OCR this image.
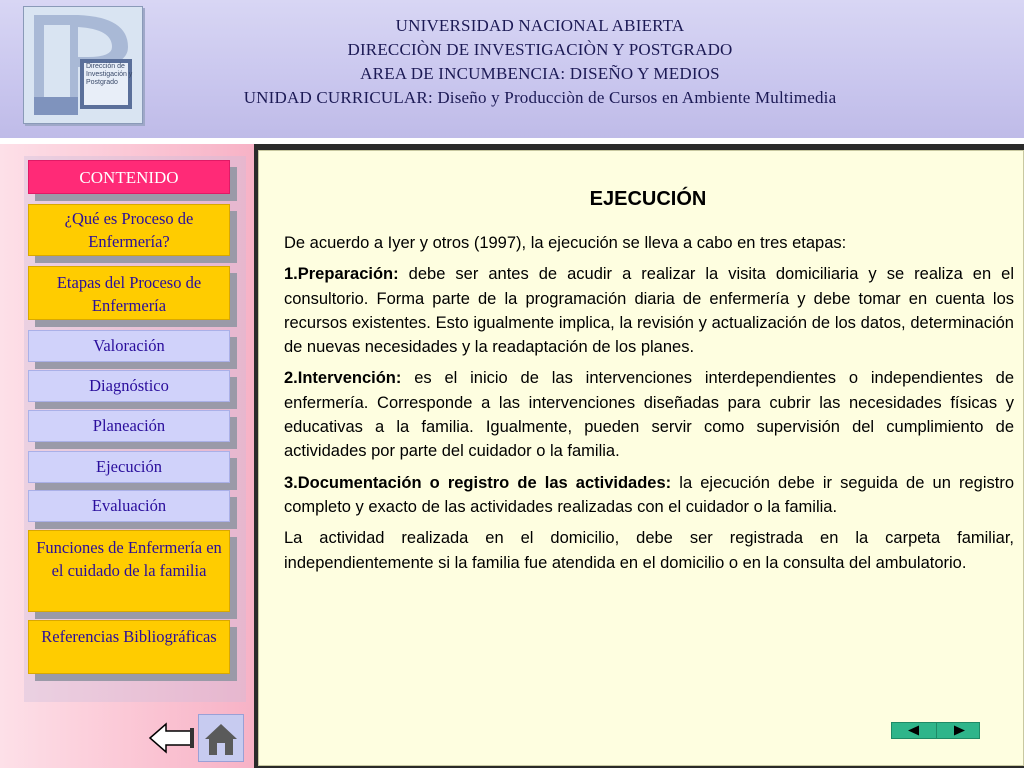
Dirección de Investigación y Postgrado
UNIVERSIDAD NACIONAL ABIERTA
DIRECCIÒN DE INVESTIGACIÒN Y POSTGRADO
AREA DE INCUMBENCIA: DISEÑO Y MEDIOS
UNIDAD CURRICULAR: Diseño y Producciòn de Cursos en Ambiente Multimedia
CONTENIDO
¿Qué es Proceso de Enfermería?
Etapas del Proceso de Enfermería
Valoración
Diagnóstico
Planeación
Ejecución
Evaluación
Funciones de Enfermería en el cuidado de la familia
Referencias Bibliográficas
EJECUCIÓN

De acuerdo a Iyer y otros (1997), la ejecución se lleva a cabo en tres etapas:

1.Preparación: debe ser antes de acudir a realizar la visita domiciliaria y se realiza en el consultorio. Forma parte de la programación diaria de enfermería y debe tomar en cuenta los recursos existentes. Esto igualmente implica, la revisión y actualización de los datos, determinación de nuevas necesidades y la readaptación de los planes.

2.Intervención: es el inicio de las intervenciones interdependientes o independientes de enfermería. Corresponde a las intervenciones diseñadas para cubrir las necesidades físicas y educativas a la familia. Igualmente, pueden servir como supervisión del cumplimiento de actividades por parte del cuidador o la familia.

3.Documentación o registro de las actividades: la ejecución debe ir seguida de un registro completo y exacto de las actividades realizadas con el cuidador o la familia.

La actividad realizada en el domicilio, debe ser registrada en la carpeta familiar, independientemente si la familia fue atendida en el domicilio o en la consulta del ambulatorio.
